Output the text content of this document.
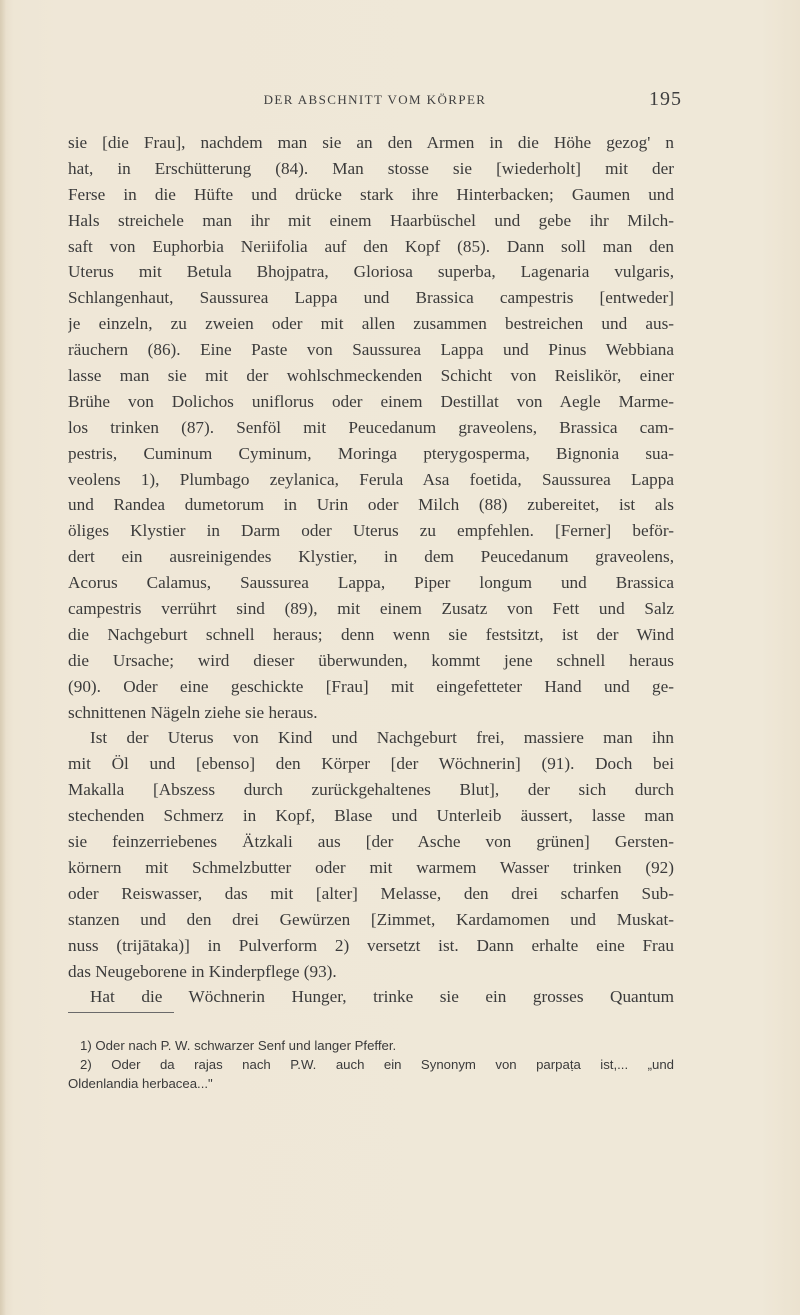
DER ABSCHNITT VOM KÖRPER	195
sie [die Frau], nachdem man sie an den Armen in die Höhe gezog' n
hat, in Erschütterung (84). Man stosse sie [wiederholt] mit der
Ferse in die Hüfte und drücke stark ihre Hinterbacken; Gaumen und
Hals streichele man ihr mit einem Haarbüschel und gebe ihr Milch-
saft von Euphorbia Neriifolia auf den Kopf (85). Dann soll man den
Uterus mit Betula Bhojpatra, Gloriosa superba, Lagenaria vulgaris,
Schlangenhaut, Saussurea Lappa und Brassica campestris [entweder]
je einzeln, zu zweien oder mit allen zusammen bestreichen und aus-
räuchern (86). Eine Paste von Saussurea Lappa und Pinus Webbiana
lasse man sie mit der wohlschmeckenden Schicht von Reislikör, einer
Brühe von Dolichos uniflorus oder einem Destillat von Aegle Marme-
los trinken (87). Senföl mit Peucedanum graveolens, Brassica cam-
pestris, Cuminum Cyminum, Moringa pterygosperma, Bignonia sua-
veolens 1), Plumbago zeylanica, Ferula Asa foetida, Saussurea Lappa
und Randea dumetorum in Urin oder Milch (88) zubereitet, ist als
öliges Klystier in Darm oder Uterus zu empfehlen. [Ferner] beför-
dert ein ausreinigendes Klystier, in dem Peucedanum graveolens,
Acorus Calamus, Saussurea Lappa, Piper longum und Brassica
campestris verrührt sind (89), mit einem Zusatz von Fett und Salz
die Nachgeburt schnell heraus; denn wenn sie festsitzt, ist der Wind
die Ursache; wird dieser überwunden, kommt jene schnell heraus
(90). Oder eine geschickte [Frau] mit eingefetteter Hand und ge-
schnittenen Nägeln ziehe sie heraus.
Ist der Uterus von Kind und Nachgeburt frei, massiere man ihn
mit Öl und [ebenso] den Körper [der Wöchnerin] (91). Doch bei
Makalla [Abszess durch zurückgehaltenes Blut], der sich durch
stechenden Schmerz in Kopf, Blase und Unterleib äussert, lasse man
sie feinzerriebenes Ätzkali aus [der Asche von grünen] Gersten-
körnern mit Schmelzbutter oder mit warmem Wasser trinken (92)
oder Reiswasser, das mit [alter] Melasse, den drei scharfen Sub-
stanzen und den drei Gewürzen [Zimmet, Kardamomen und Muskat-
nuss (trijātaka)] in Pulverform 2) versetzt ist. Dann erhalte eine Frau
das Neugeborene in Kinderpflege (93).
Hat die Wöchnerin Hunger, trinke sie ein grosses Quantum
1) Oder nach P. W. schwarzer Senf und langer Pfeffer.
2) Oder da rajas nach P.W. auch ein Synonym von parpaṭa ist,... „und
Oldenlandia herbacea..."
